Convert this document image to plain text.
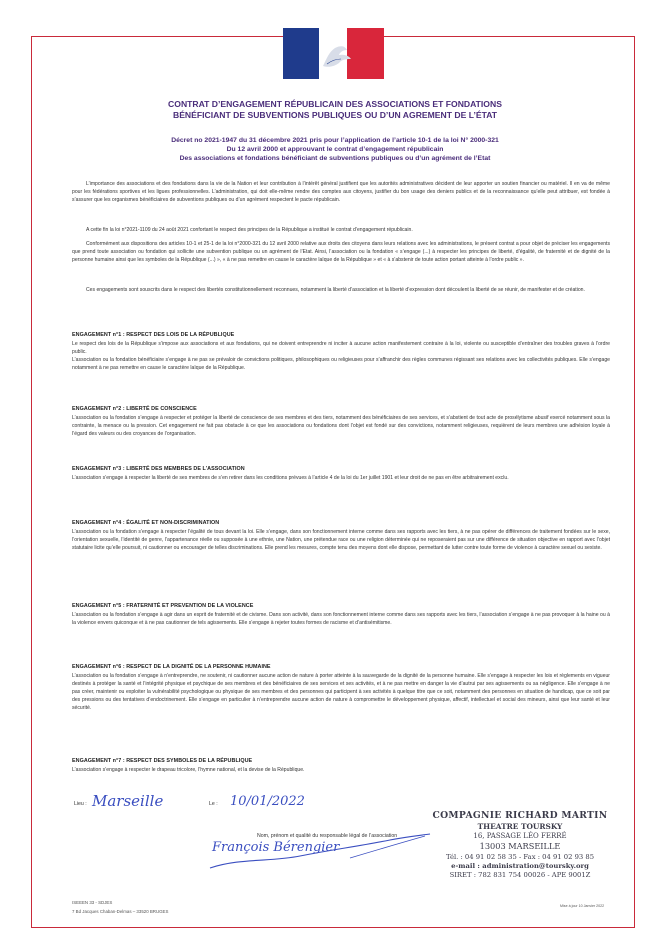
CONTRAT D’ENGAGEMENT RÉPUBLICAIN DES ASSOCIATIONS ET FONDATIONS
BÉNÉFICIANT DE SUBVENTIONS PUBLIQUES OU D’UN AGREMENT DE L’ÉTAT
Décret no 2021-1947 du 31 décembre 2021 pris pour l’application de l’article 10-1 de la loi N° 2000-321
Du 12 avril 2000 et approuvant le contrat d’engagement républicain
Des associations et fondations bénéficiant de subventions publiques ou d’un agrément de l’Etat
L’importance des associations et des fondations dans la vie de la Nation et leur contribution à l’intérêt général justifient que les autorités administratives décident de leur apporter un soutien financier ou matériel. Il en va de même pour les fédérations sportives et les ligues professionnelles. L’administration, qui doit elle-même rendre des comptes aux citoyens, justifier du bon usage des deniers publics et de la reconnaissance qu’elle peut attribuer, est fondée à s’assurer que les organismes bénéficiaires de subventions publiques ou d’un agrément respectent le pacte républicain.
A cette fin la loi n°2021-1109 du 24 août 2021 confortant le respect des principes de la République a institué le contrat d’engagement républicain.
Conformément aux dispositions des articles 10-1 et 25-1 de la loi n°2000-321 du 12 avril 2000 relative aux droits des citoyens dans leurs relations avec les administrations, le présent contrat a pour objet de préciser les engagements que prend toute association ou fondation qui sollicite une subvention publique ou un agrément de l’Etat. Ainsi, l’association ou la fondation « s’engage (...) à respecter les principes de liberté, d’égalité, de fraternité et de dignité de la personne humaine ainsi que les symboles de la République (...) », « à ne pas remettre en cause le caractère laïque de la République » et « à s’abstenir de toute action portant atteinte à l’ordre public ».
Ces engagements sont souscrits dans le respect des libertés constitutionnellement reconnues, notamment la liberté d’association et la liberté d’expression dont découlent la liberté de se réunir, de manifester et de création.
ENGAGEMENT n°1 : RESPECT DES LOIS DE LA RÉPUBLIQUE
Le respect des lois de la République s’impose aux associations et aux fondations, qui ne doivent entreprendre ni inciter à aucune action manifestement contraire à la loi, violente ou susceptible d’entraîner des troubles graves à l’ordre public.
L’association ou la fondation bénéficiaire s’engage à ne pas se prévaloir de convictions politiques, philosophiques ou religieuses pour s’affranchir des règles communes régissant ses relations avec les collectivités publiques. Elle s’engage notamment à ne pas remettre en cause le caractère laïque de la République.
ENGAGEMENT n°2 : LIBERTÉ DE CONSCIENCE
L’association ou la fondation s’engage à respecter et protéger la liberté de conscience de ses membres et des tiers, notamment des bénéficiaires de ses services, et s’abstient de tout acte de prosélytisme abusif exercé notamment sous la contrainte, la menace ou la pression. Cet engagement ne fait pas obstacle à ce que les associations ou fondations dont l’objet est fondé sur des convictions, notamment religieuses, requièrent de leurs membres une adhésion loyale à l’égard des valeurs ou des croyances de l’organisation.
ENGAGEMENT n°3 : LIBERTÉ DES MEMBRES DE L’ASSOCIATION
L’association s’engage à respecter la liberté de ses membres de s’en retirer dans les conditions prévues à l’article 4 de la loi du 1er juillet 1901 et leur droit de ne pas en être arbitrairement exclu.
ENGAGEMENT n°4 : ÉGALITÉ ET NON-DISCRIMINATION
L’association ou la fondation s’engage à respecter l’égalité de tous devant la loi. Elle s’engage, dans son fonctionnement interne comme dans ses rapports avec les tiers, à ne pas opérer de différences de traitement fondées sur le sexe, l’orientation sexuelle, l’identité de genre, l’appartenance réelle ou supposée à une ethnie, une Nation, une prétendue race ou une religion déterminée qui ne reposeraient pas sur une différence de situation objective en rapport avec l’objet statutaire licite qu’elle poursuit, ni cautionner ou encourager de telles discriminations. Elle prend les mesures, compte tenu des moyens dont elle dispose, permettant de lutter contre toute forme de violence à caractère sexuel ou sexiste.
ENGAGEMENT n°5 : FRATERNITÉ ET PREVENTION DE LA VIOLENCE
L’association ou la fondation s’engage à agir dans un esprit de fraternité et de civisme. Dans son activité, dans son fonctionnement interne comme dans ses rapports avec les tiers, l’association s’engage à ne pas provoquer à la haine ou à la violence envers quiconque et à ne pas cautionner de tels agissements. Elle s’engage à rejeter toutes formes de racisme et d’antisémitisme.
ENGAGEMENT n°6 : RESPECT DE LA DIGNITÉ DE LA PERSONNE HUMAINE
L’association ou la fondation s’engage à n’entreprendre, ne soutenir, ni cautionner aucune action de nature à porter atteinte à la sauvegarde de la dignité de la personne humaine. Elle s’engage à respecter les lois et règlements en vigueur destinés à protéger la santé et l’intégrité physique et psychique de ses membres et des bénéficiaires de ses services et ses activités, et à ne pas mettre en danger la vie d’autrui par ses agissements ou sa négligence. Elle s’engage à ne pas créer, maintenir ou exploiter la vulnérabilité psychologique ou physique de ses membres et des personnes qui participent à ses activités à quelque titre que ce soit, notamment des personnes en situation de handicap, que ce soit par des pressions ou des tentatives d’endoctrinement. Elle s’engage en particulier à n’entreprendre aucune action de nature à compromettre le développement physique, affectif, intellectuel et social des mineurs, ainsi que leur santé et leur sécurité.
ENGAGEMENT n°7 : RESPECT DES SYMBOLES DE LA RÉPUBLIQUE
L’association s’engage à respecter le drapeau tricolore, l’hymne national, et la devise de la République.
Lieu : Marseille	Le : 10/01/2022
Nom, prénom et qualité du responsable légal de l’association
François Bérengier
COMPAGNIE RICHARD MARTIN
THEATRE TOURSKY
16, PASSAGE LÉO FERRÉ
13003 MARSEILLE
Tél. : 04 91 02 58 35 - Fax : 04 91 02 93 85
e-mail : administration@toursky.org
SIRET : 782 831 754 00026 - APE 9001Z
Mise à jour 10 Janvier 2022
ISEEEN 33 - SDJES
7 Bd Jacques Chaban-Delmas – 33520 BRUGES
